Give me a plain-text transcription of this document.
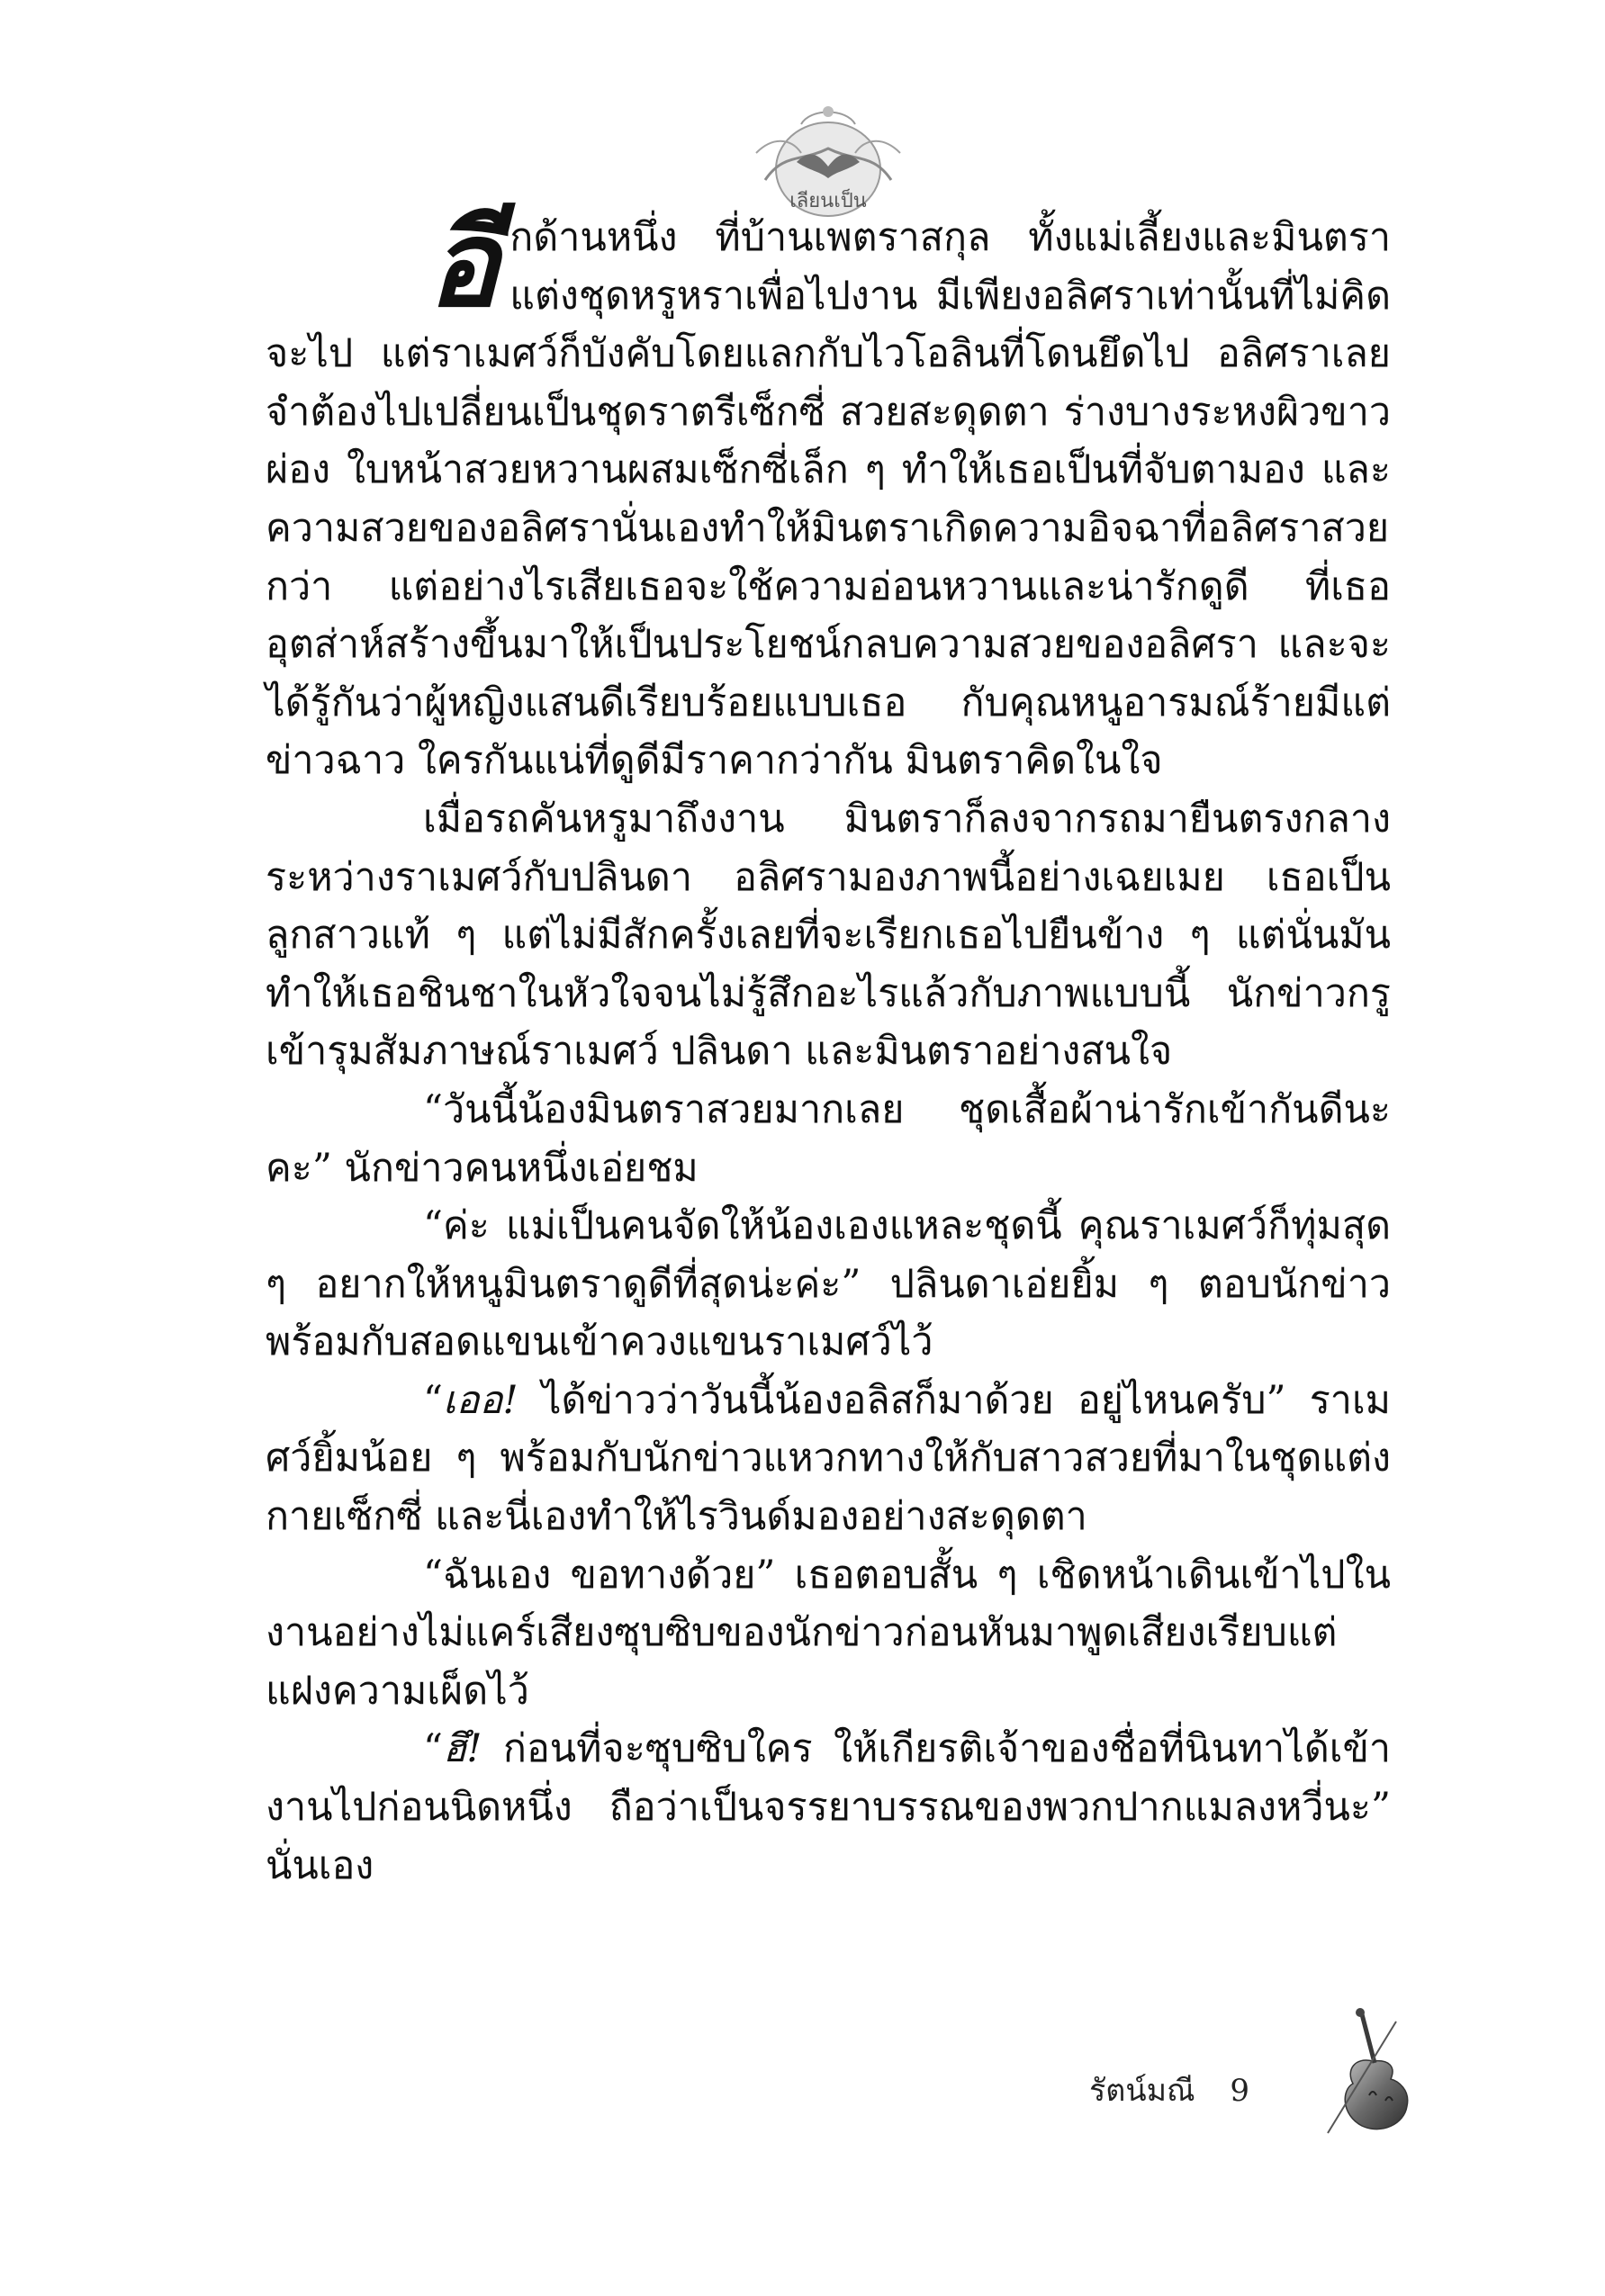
เลียนเป็น

อีกด้านหนึ่ง ที่บ้านเพตราสกุล ทั้งแม่เลี้ยงและมินตราแต่งชุดหรูหราเพื่อไปงาน มีเพียงอลิศราเท่านั้นที่ไม่คิดจะไป แต่ราเมศว์ก็บังคับโดยแลกกับไวโอลินที่โดนยึดไป อลิศราเลยจำต้องไปเปลี่ยนเป็นชุดราตรีเซ็กซี่ สวยสะดุดตา ร่างบางระหงผิวขาวผ่อง ใบหน้าสวยหวานผสมเซ็กซี่เล็ก ๆ ทำให้เธอเป็นที่จับตามอง และความสวยของอลิศรานั่นเองทำให้มินตราเกิดความอิจฉาที่อลิศราสวยกว่า แต่อย่างไรเสียเธอจะใช้ความอ่อนหวานและน่ารักดูดี ที่เธออุตส่าห์สร้างขึ้นมาให้เป็นประโยชน์กลบความสวยของอลิศรา และจะได้รู้กันว่าผู้หญิงแสนดีเรียบร้อยแบบเธอ กับคุณหนูอารมณ์ร้ายมีแต่ข่าวฉาว ใครกันแน่ที่ดูดีมีราคากว่ากัน มินตราคิดในใจ

เมื่อรถคันหรูมาถึงงาน มินตราก็ลงจากรถมายืนตรงกลางระหว่างราเมศว์กับปลินดา อลิศรามองภาพนี้อย่างเฉยเมย เธอเป็นลูกสาวแท้ ๆ แต่ไม่มีสักครั้งเลยที่จะเรียกเธอไปยืนข้าง ๆ แต่นั่นมันทำให้เธอชินชาในหัวใจจนไม่รู้สึกอะไรแล้วกับภาพแบบนี้ นักข่าวกรูเข้ารุมสัมภาษณ์ราเมศว์ ปลินดา และมินตราอย่างสนใจ

“วันนี้น้องมินตราสวยมากเลย ชุดเสื้อผ้าน่ารักเข้ากันดีนะคะ” นักข่าวคนหนึ่งเอ่ยชม

“ค่ะ แม่เป็นคนจัดให้น้องเองแหละชุดนี้ คุณราเมศว์ก็ทุ่มสุด ๆ อยากให้หนูมินตราดูดีที่สุดน่ะค่ะ” ปลินดาเอ่ยยิ้ม ๆ ตอบนักข่าวพร้อมกับสอดแขนเข้าควงแขนราเมศว์ไว้

“เออ! ได้ข่าวว่าวันนี้น้องอลิสก็มาด้วย อยู่ไหนครับ” ราเมศว์ยิ้มน้อย ๆ พร้อมกับนักข่าวแหวกทางให้กับสาวสวยที่มาในชุดแต่งกายเซ็กซี่ และนี่เองทำให้ไรวินด์มองอย่างสะดุดตา

“ฉันเอง ขอทางด้วย” เธอตอบสั้น ๆ เชิดหน้าเดินเข้าไปในงานอย่างไม่แคร์เสียงซุบซิบของนักข่าวก่อนหันมาพูดเสียงเรียบแต่แฝงความเผ็ดไว้

“ฮึ! ก่อนที่จะซุบซิบใคร ให้เกียรติเจ้าของชื่อที่นินทาได้เข้างานไปก่อนนิดหนึ่ง ถือว่าเป็นจรรยาบรรณของพวกปากแมลงหวี่นะ” นั่นเอง

รัตน์มณี 9
